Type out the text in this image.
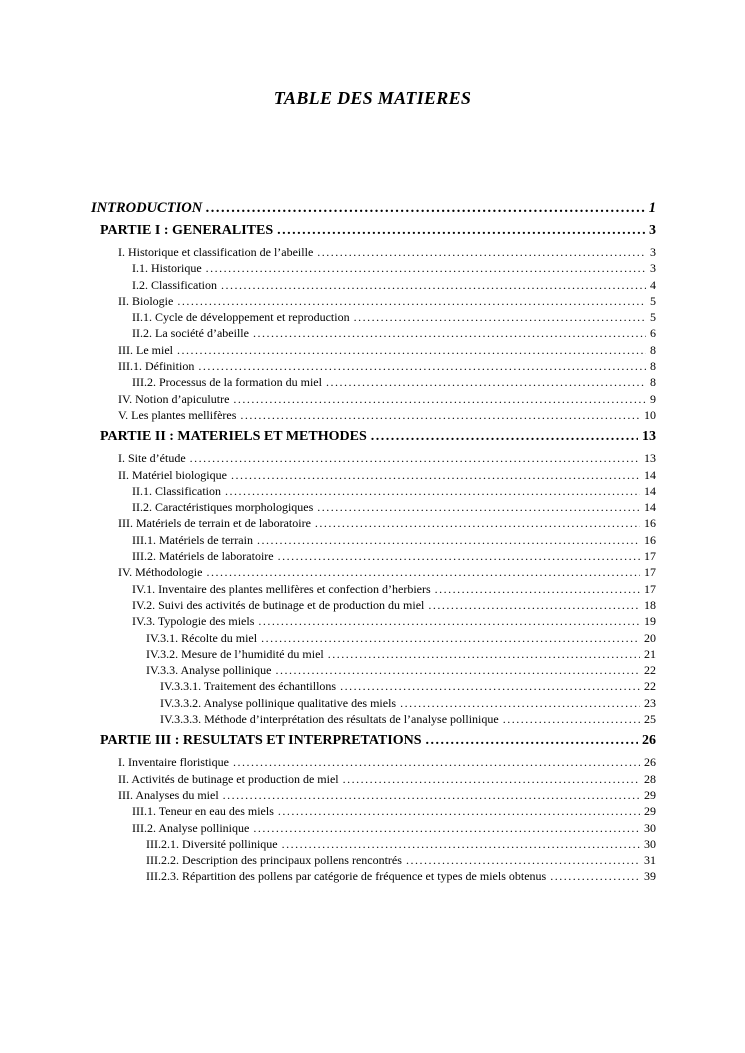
TABLE DES MATIERES
INTRODUCTION .....	1
PARTIE I : GENERALITES .....	3
I. Historique et classification de l’abeille .....	3
I.1. Historique .....	3
I.2. Classification .....	4
II. Biologie .....	5
II.1. Cycle de développement et reproduction .....	5
II.2. La société d’abeille .....	6
III. Le miel .....	8
III.1. Définition .....	8
III.2. Processus de la formation du miel .....	8
IV. Notion d’apiculutre .....	9
V. Les plantes mellifères .....	10
PARTIE II : MATERIELS ET METHODES .....	13
I. Site d’étude .....	13
II. Matériel biologique .....	14
II.1. Classification .....	14
II.2. Caractéristiques morphologiques .....	14
III. Matériels de terrain et de laboratoire .....	16
III.1. Matériels de terrain .....	16
III.2. Matériels de laboratoire .....	17
IV. Méthodologie .....	17
IV.1. Inventaire des plantes mellifères et confection d’herbiers .....	17
IV.2. Suivi des activités de butinage et de production du miel .....	18
IV.3. Typologie des miels .....	19
IV.3.1. Récolte du miel .....	20
IV.3.2. Mesure de l’humidité du miel .....	21
IV.3.3. Analyse pollinique .....	22
IV.3.3.1. Traitement des échantillons .....	22
IV.3.3.2. Analyse pollinique qualitative des miels .....	23
IV.3.3.3. Méthode d’interprétation des résultats de l’analyse pollinique .....	25
PARTIE III : RESULTATS ET INTERPRETATIONS .....	26
I. Inventaire floristique .....	26
II. Activités de butinage et production de miel .....	28
III. Analyses du miel .....	29
III.1. Teneur en eau des miels .....	29
III.2. Analyse pollinique .....	30
III.2.1. Diversité pollinique .....	30
III.2.2. Description des principaux pollens rencontrés .....	31
III.2.3. Répartition des pollens par catégorie de fréquence et types de miels obtenus .....	39
